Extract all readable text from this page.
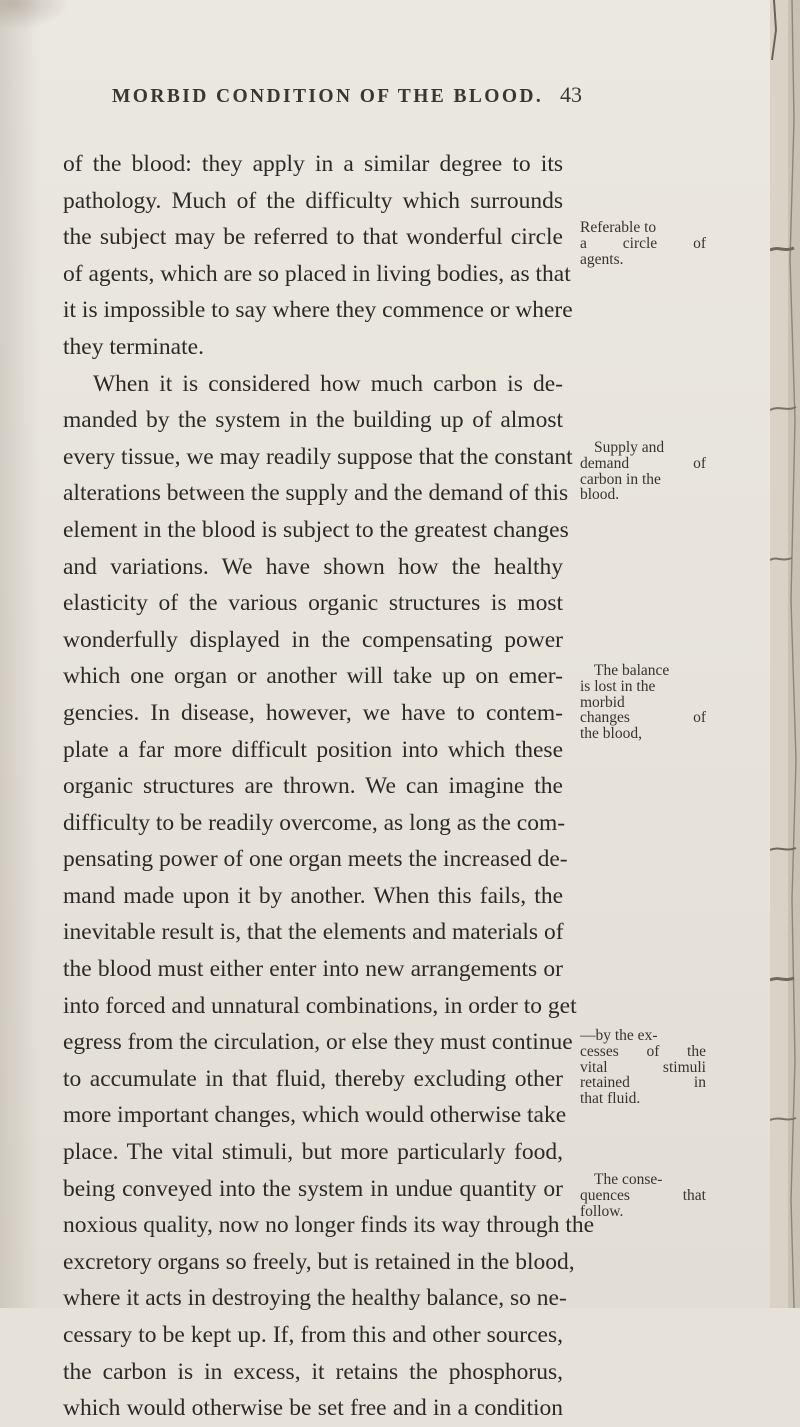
MORBID CONDITION OF THE BLOOD. 43
of the blood: they apply in a similar degree to its
pathology. Much of the difficulty which surrounds
the subject may be referred to that wonderful circle
of agents, which are so placed in living bodies, as that
it is impossible to say where they commence or where
they terminate.
When it is considered how much carbon is de-
manded by the system in the building up of almost
every tissue, we may readily suppose that the constant
alterations between the supply and the demand of this
element in the blood is subject to the greatest changes
and variations. We have shown how the healthy
elasticity of the various organic structures is most
wonderfully displayed in the compensating power
which one organ or another will take up on emer-
gencies. In disease, however, we have to contem-
plate a far more difficult position into which these
organic structures are thrown. We can imagine the
difficulty to be readily overcome, as long as the com-
pensating power of one organ meets the increased de-
mand made upon it by another. When this fails, the
inevitable result is, that the elements and materials of
the blood must either enter into new arrangements or
into forced and unnatural combinations, in order to get
egress from the circulation, or else they must continue
to accumulate in that fluid, thereby excluding other
more important changes, which would otherwise take
place. The vital stimuli, but more particularly food,
being conveyed into the system in undue quantity or
noxious quality, now no longer finds its way through the
excretory organs so freely, but is retained in the blood,
where it acts in destroying the healthy balance, so ne-
cessary to be kept up. If, from this and other sources,
the carbon is in excess, it retains the phosphorus,
which would otherwise be set free and in a condition
Referable to
a circle of
agents.
Supply and
demand of
carbon in the
blood.
The balance
is lost in the
morbid
changes of
the blood,
—by the ex-
cesses of the
vital stimuli
retained in
that fluid.
The conse-
quences that
follow.
